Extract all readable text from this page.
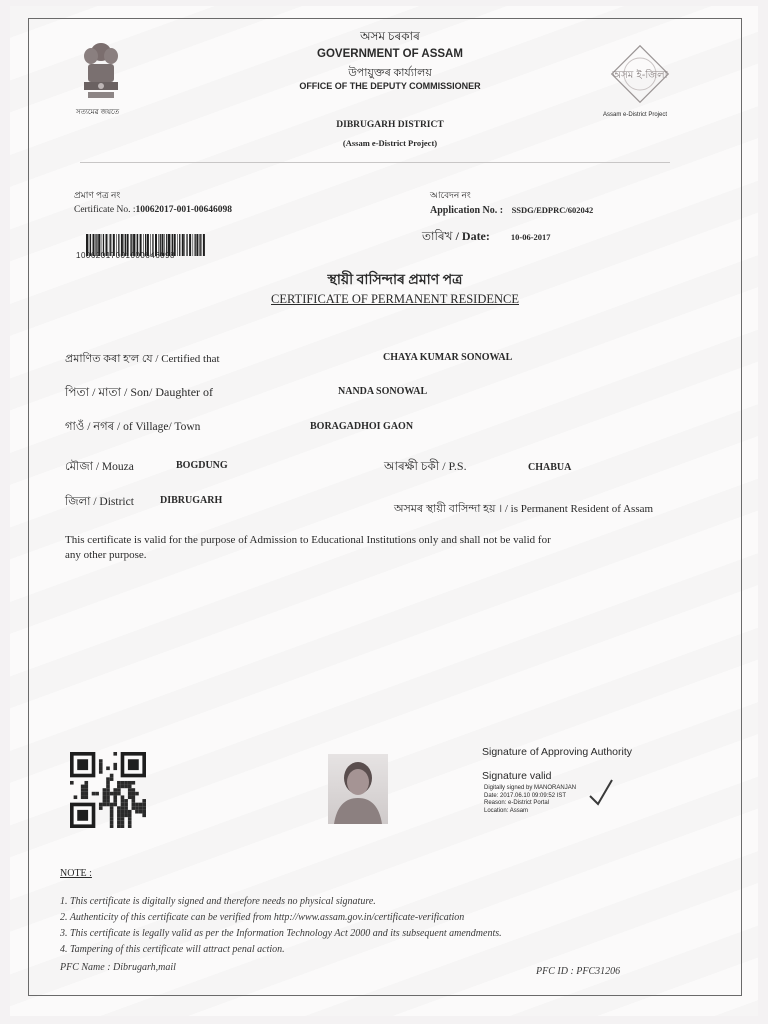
সত্যমেৱ জয়তে
অসম চৰকাৰ
GOVERNMENT OF ASSAM
উপায়ুক্তৰ কাৰ্য্যালয়
OFFICE OF THE DEPUTY COMMISSIONER
DIBRUGARH DISTRICT
(Assam e-District Project)
অসম ই-জিলা
Assam e-District Project
প্ৰমাণ পত্ৰ নং
Certificate No. :10062017-001-00646098
10062017001000646098
আবেদন নং
Application No. : SSDG/EDPRC/602042
তাৰিখ / Date: 10-06-2017
স্থায়ী বাসিন্দাৰ প্ৰমাণ পত্ৰ
CERTIFICATE OF PERMANENT RESIDENCE
প্ৰমাণিত কৰা হ'ল যে / Certified that	CHAYA KUMAR SONOWAL
পিতা / মাতা / Son/ Daughter of	NANDA SONOWAL
গাওঁ / নগৰ / of Village/ Town	BORAGADHOI GAON
মৌজা / Mouza	BOGDUNG	আৰক্ষী চকী / P.S.	CHABUA
জিলা / District	DIBRUGARH
অসমৰ স্থায়ী বাসিন্দা হয় । / is Permanent Resident of Assam
This certificate is valid for the purpose of Admission to Educational Institutions only and shall not be valid for
any other purpose.
Signature of Approving Authority
Signature valid
Digitally signed by MANORANJAN
Date: 2017.06.10 09:09:52 IST
Reason: e-District Portal
Location: Assam
NOTE :
1. This certificate is digitally signed and therefore needs no physical signature.
2. Authenticity of this certificate can be verified from http://www.assam.gov.in/certificate-verification
3. This certificate is legally valid as per the Information Technology Act 2000 and its subsequent amendments.
4. Tampering of this certificate will attract penal action.
PFC Name : Dibrugarh,mail	PFC ID : PFC31206
